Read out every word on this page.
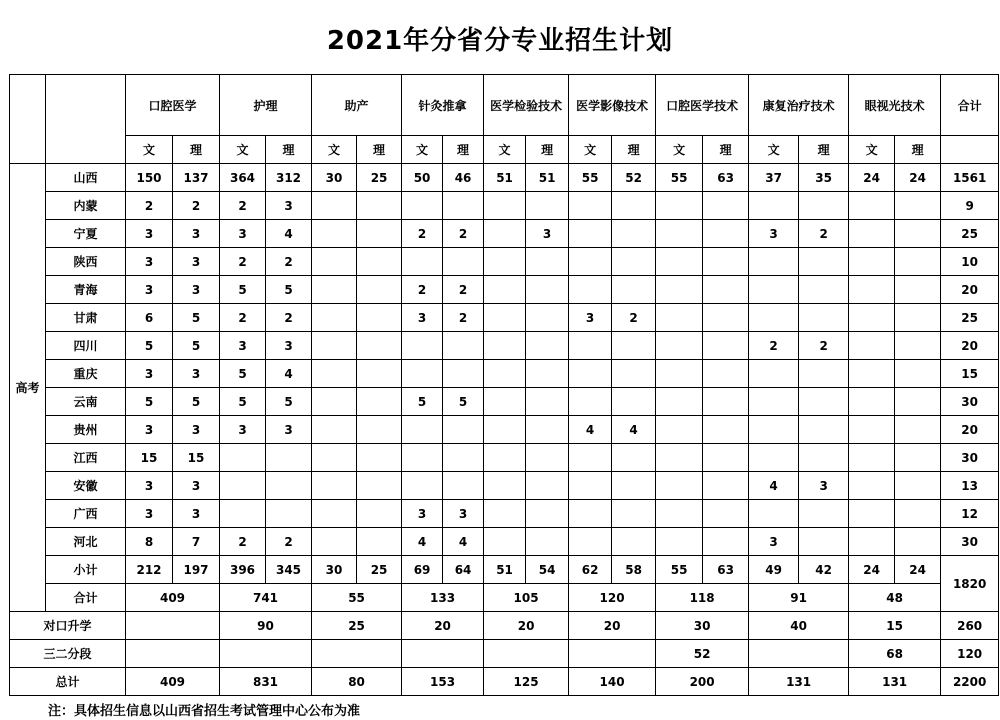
2021年分省分专业招生计划
		口腔医学		护理		助产		针灸推拿		医学检验技术		医学影像技术		口腔医学技术		康复治疗技术		眼视光技术		合计
		文	理	文	理	文	理	文	理	文	理	文	理	文	理	文	理	文	理	
高考	山西	150	137	364	312	30	25	50	46	51	51	55	52	55	63	37	35	24	24	1561
	内蒙	2	2	2	3															9
	宁夏	3	3	3	4			2	2		3					3	2			25
	陕西	3	3	2	2															10
	青海	3	3	5	5			2	2											20
	甘肃	6	5	2	2			3	2			3	2							25
	四川	5	5	3	3											2	2			20
	重庆	3	3	5	4															15
	云南	5	5	5	5			5	5											30
	贵州	3	3	3	3							4	4							20
	江西	15	15																	30
	安徽	3	3													4	3			13
	广西	3	3					3	3											12
	河北	8	7	2	2			4	4							3				30
	小计	212	197	396	345	30	25	69	64	51	54	62	58	55	63	49	42	24	24	1820
	合计	409		741		55		133		105		120		118		91		48		
对口升学				90		25		20		20		20		30		40		15		260
三二分段														52				68		120
总计		409		831		80		153		125		140		200		131		131		2200
注：具体招生信息以山西省招生考试管理中心公布为准
